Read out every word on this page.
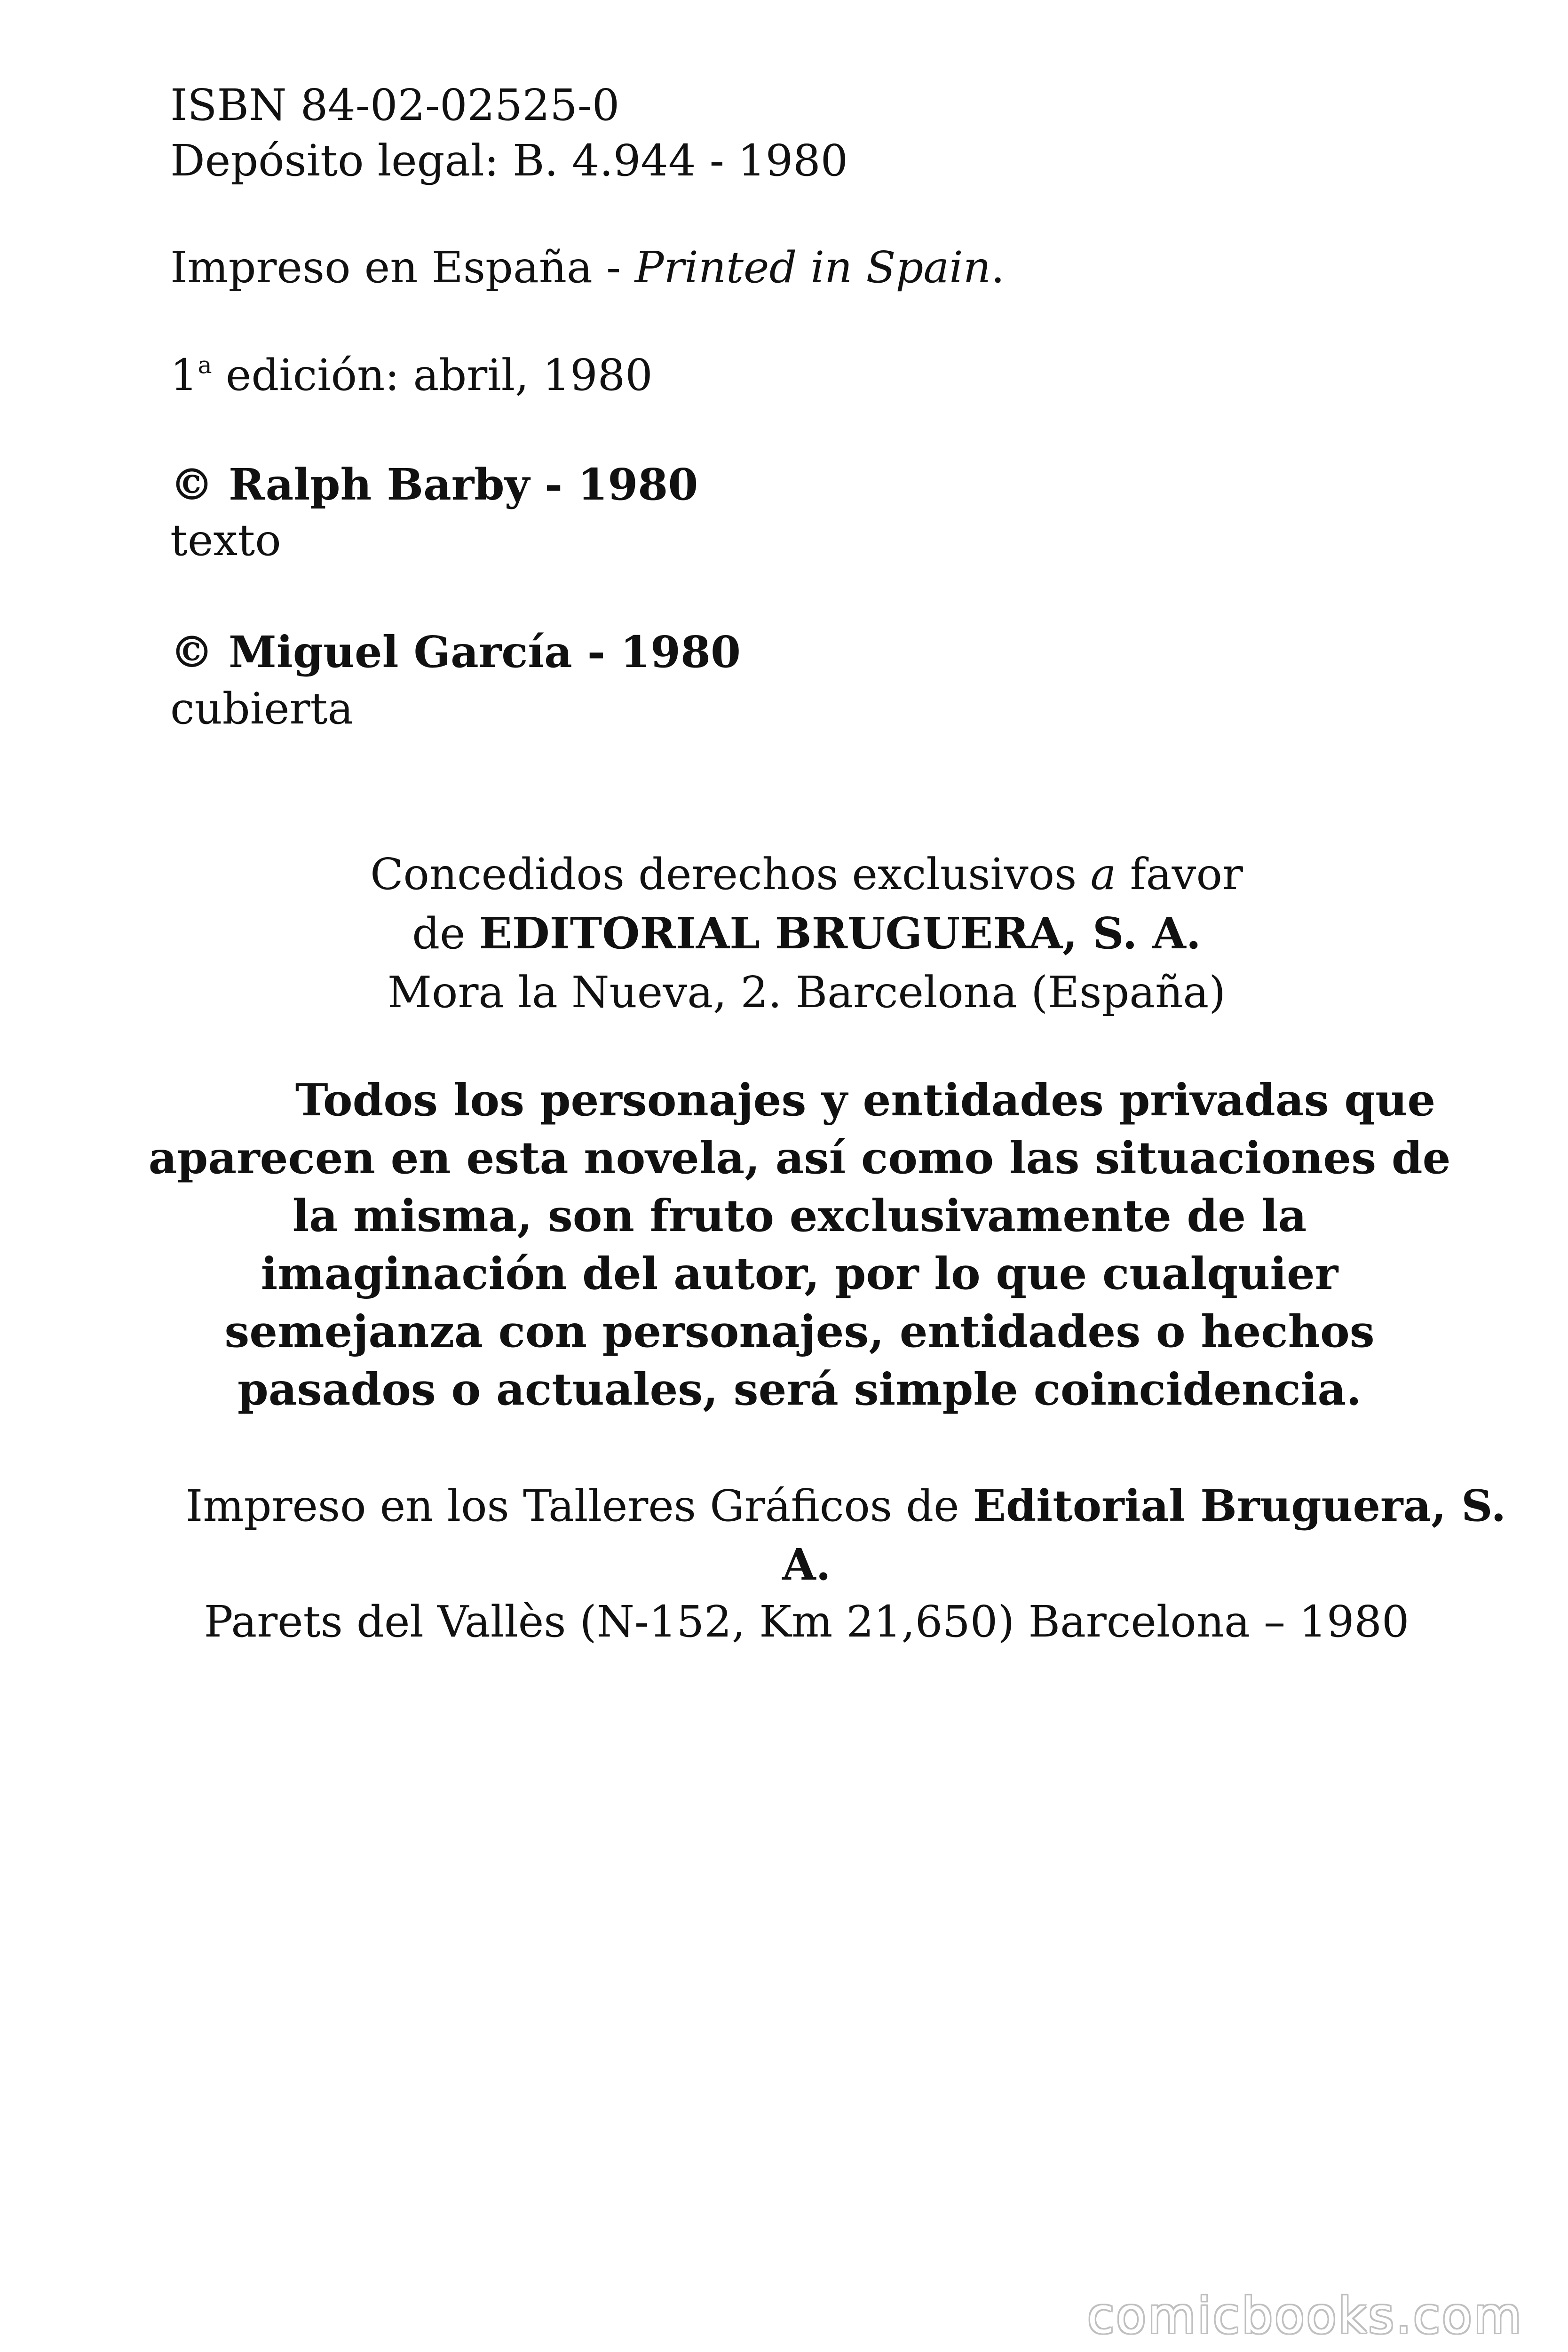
ISBN 84-02-02525-0
Depósito legal: B. 4.944 - 1980
Impreso en España - Printed in Spain.
1$^a$ edición: abril, 1980
© Ralph Barby - 1980
texto
© Miguel García - 1980
cubierta
Concedidos derechos exclusivos a favor
de EDITORIAL BRUGUERA, S. A.
Mora la Nueva, 2. Barcelona (España)
Todos los personajes y entidades privadas que aparecen en esta novela, así como las situaciones de la misma, son fruto exclusivamente de la imaginación del autor, por lo que cualquier semejanza con personajes, entidades o hechos pasados o actuales, será simple coincidencia.
Impreso en los Talleres Gráficos de Editorial Bruguera, S.
A.
Parets del Vallès (N-152, Km 21,650) Barcelona – 1980
comicbooks.com
